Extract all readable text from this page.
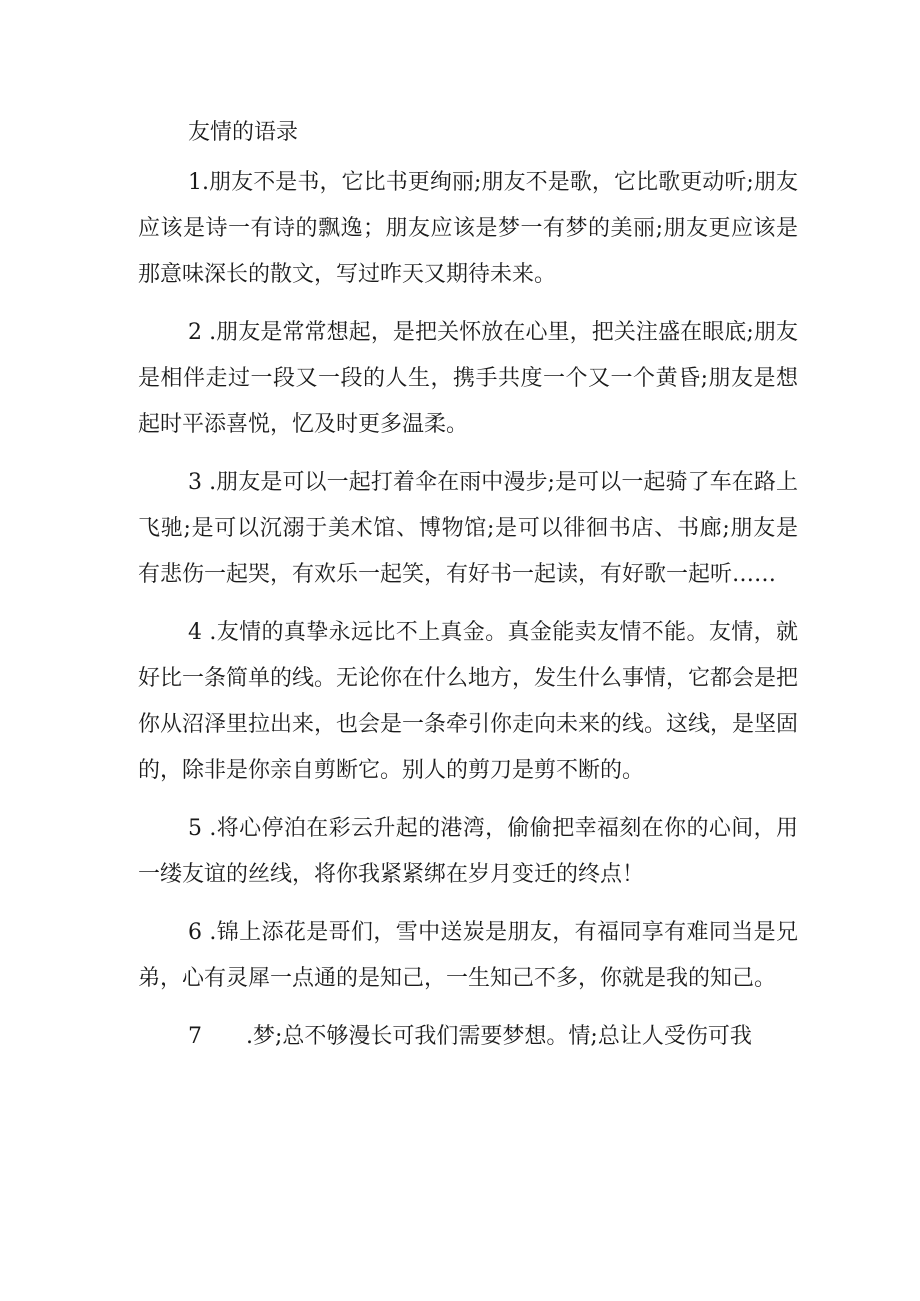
友情的语录

1.朋友不是书，它比书更绚丽;朋友不是歌，它比歌更动听;朋友应该是诗一有诗的飘逸；朋友应该是梦一有梦的美丽;朋友更应该是那意味深长的散文，写过昨天又期待未来。

2 .朋友是常常想起，是把关怀放在心里，把关注盛在眼底;朋友是相伴走过一段又一段的人生，携手共度一个又一个黄昏;朋友是想起时平添喜悦，忆及时更多温柔。

3 .朋友是可以一起打着伞在雨中漫步;是可以一起骑了车在路上飞驰;是可以沉溺于美术馆、博物馆;是可以徘徊书店、书廊;朋友是有悲伤一起哭，有欢乐一起笑，有好书一起读，有好歌一起听……

4 .友情的真挚永远比不上真金。真金能卖友情不能。友情，就好比一条简单的线。无论你在什么地方，发生什么事情，它都会是把你从沼泽里拉出来，也会是一条牵引你走向未来的线。这线，是坚固的，除非是你亲自剪断它。别人的剪刀是剪不断的。

5 .将心停泊在彩云升起的港湾，偷偷把幸福刻在你的心间，用一缕友谊的丝线，将你我紧紧绑在岁月变迁的终点！

6 .锦上添花是哥们，雪中送炭是朋友，有福同享有难同当是兄弟，心有灵犀一点通的是知己，一生知己不多，你就是我的知己。

7 .梦;总不够漫长可我们需要梦想。情;总让人受伤可我
